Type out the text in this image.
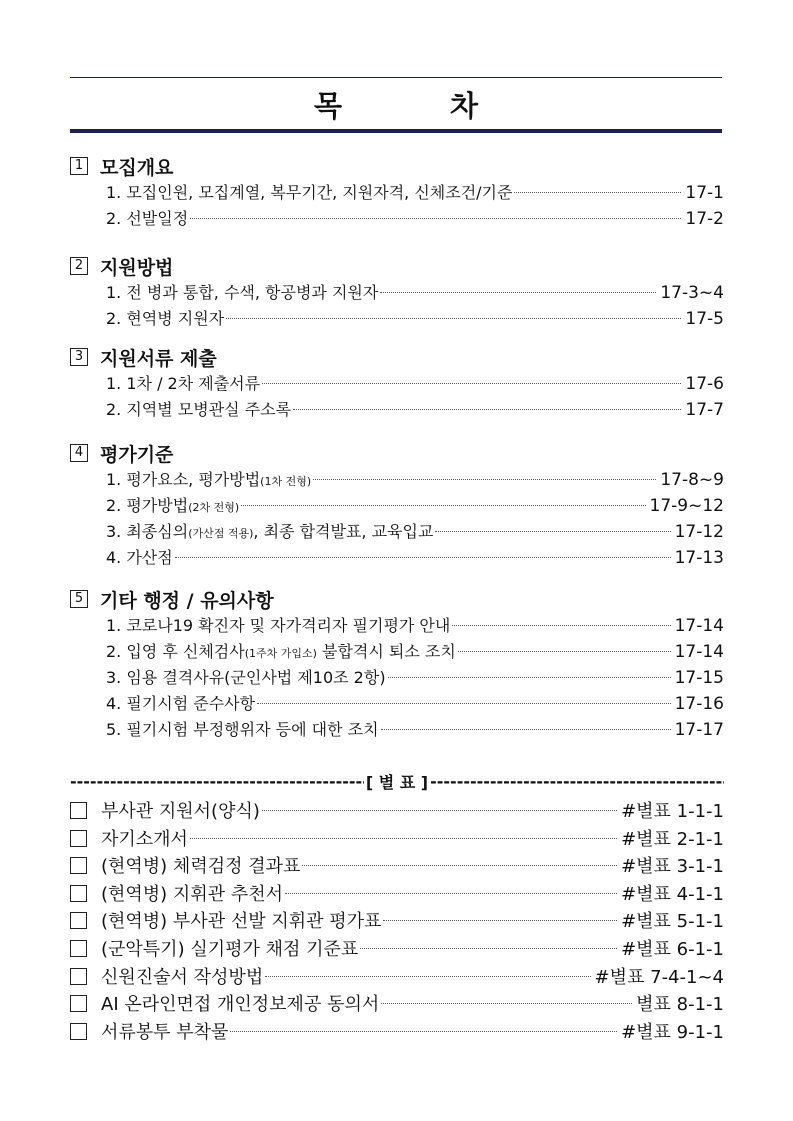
목	차
1 모집개요
1. 모집인원, 모집계열, 복무기간, 지원자격, 신체조건/기준	17-1
2. 선발일정	17-2
2 지원방법
1. 전 병과 통합, 수색, 항공병과 지원자	17-3~4
2. 현역병 지원자	17-5
3 지원서류 제출
1. 1차 / 2차 제출서류	17-6
2. 지역별 모병관실 주소록	17-7
4 평가기준
1. 평가요소, 평가방법(1차 전형)	17-8~9
2. 평가방법(2차 전형)	17-9~12
3. 최종심의(가산점 적용), 최종 합격발표, 교육입교	17-12
4. 가산점	17-13
5 기타 행정 / 유의사항
1. 코로나19 확진자 및 자가격리자 필기평가 안내	17-14
2. 입영 후 신체검사(1주차 가입소) 불합격시 퇴소 조치	17-14
3. 임용 결격사유(군인사법 제10조 2항)	17-15
4. 필기시험 준수사항	17-16
5. 필기시험 부정행위자 등에 대한 조치	17-17
-----
[ 별 표 ]
-----
부사관 지원서(양식)	#별표 1-1-1
자기소개서	#별표 2-1-1
(현역병) 체력검정 결과표	#별표 3-1-1
(현역병) 지휘관 추천서	#별표 4-1-1
(현역병) 부사관 선발 지휘관 평가표	#별표 5-1-1
(군악특기) 실기평가 채점 기준표	#별표 6-1-1
신원진술서 작성방법	#별표 7-4-1~4
AI 온라인면접 개인정보제공 동의서	별표 8-1-1
서류봉투 부착물	#별표 9-1-1
